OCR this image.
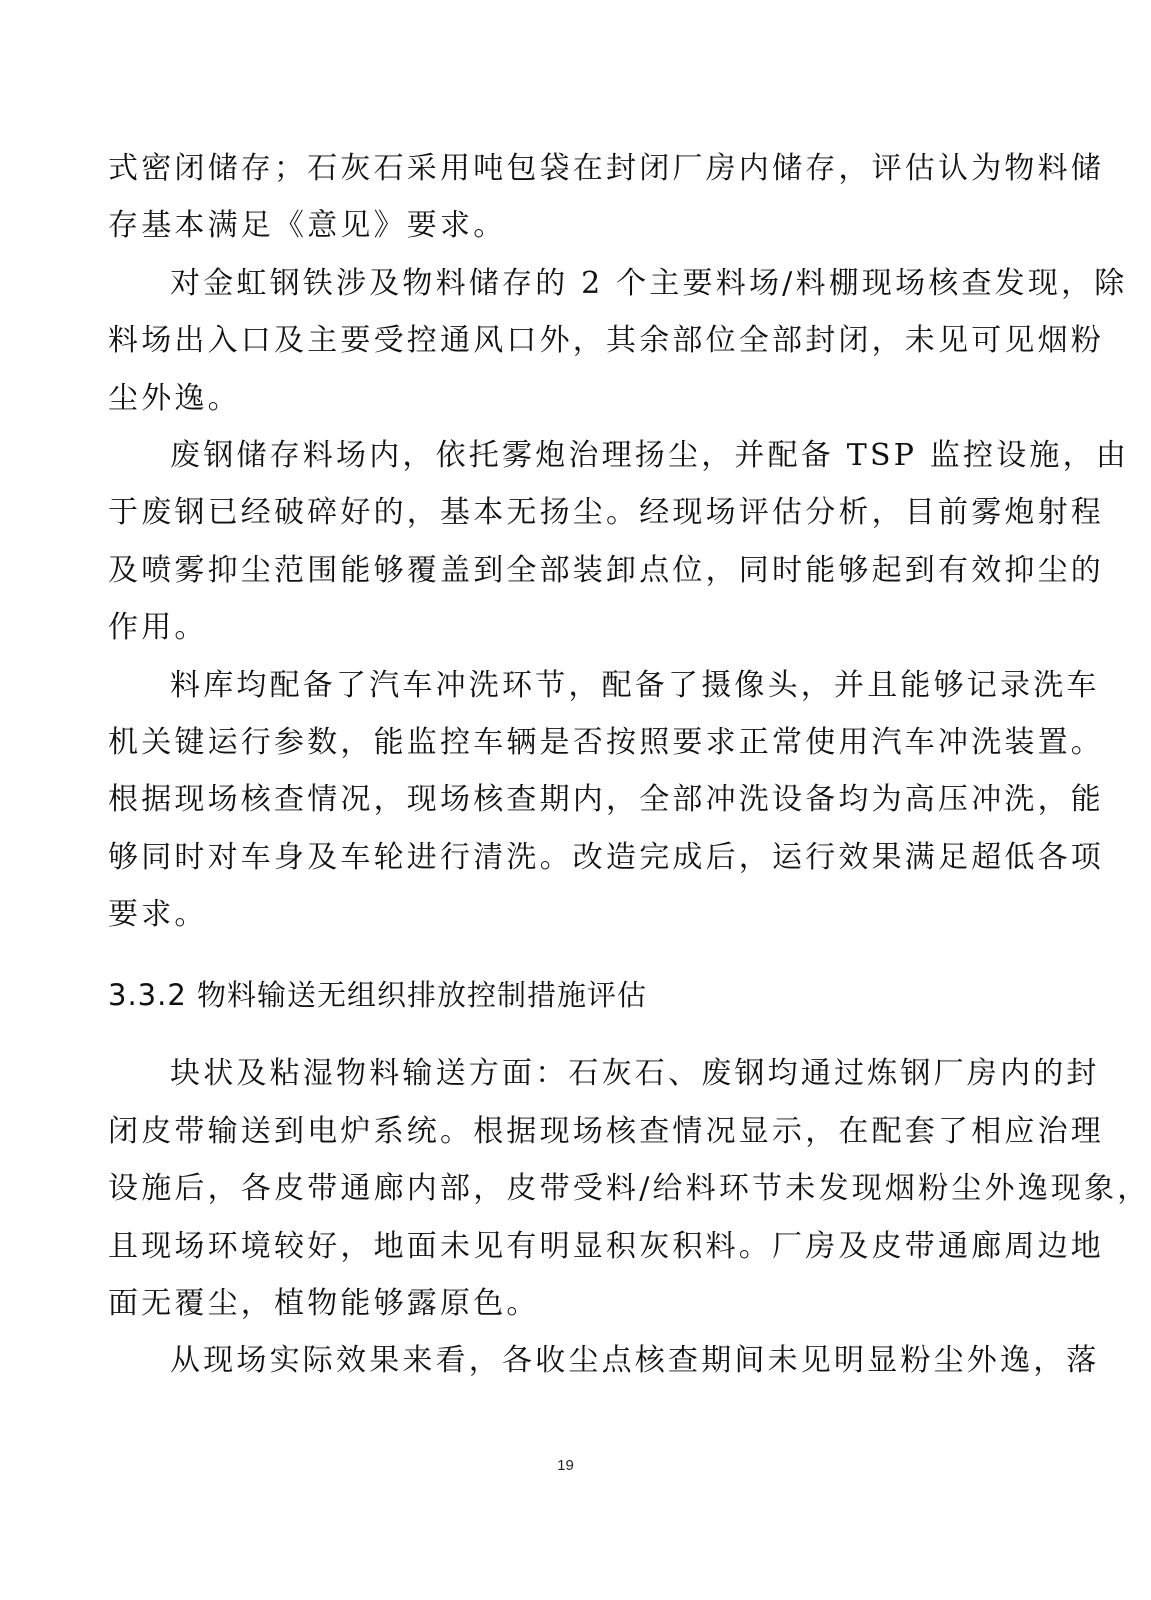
式密闭储存；石灰石采用吨包袋在封闭厂房内储存，评估认为物料储
存基本满足《意见》要求。
对金虹钢铁涉及物料储存的 2 个主要料场/料棚现场核查发现，除
料场出入口及主要受控通风口外，其余部位全部封闭，未见可见烟粉
尘外逸。
废钢储存料场内，依托雾炮治理扬尘，并配备 TSP 监控设施，由
于废钢已经破碎好的，基本无扬尘。经现场评估分析，目前雾炮射程
及喷雾抑尘范围能够覆盖到全部装卸点位，同时能够起到有效抑尘的
作用。
料库均配备了汽车冲洗环节，配备了摄像头，并且能够记录洗车
机关键运行参数，能监控车辆是否按照要求正常使用汽车冲洗装置。
根据现场核查情况，现场核查期内，全部冲洗设备均为高压冲洗，能
够同时对车身及车轮进行清洗。改造完成后，运行效果满足超低各项
要求。
3.3.2 物料输送无组织排放控制措施评估
块状及粘湿物料输送方面：石灰石、废钢均通过炼钢厂房内的封
闭皮带输送到电炉系统。根据现场核查情况显示，在配套了相应治理
设施后，各皮带通廊内部，皮带受料/给料环节未发现烟粉尘外逸现象，
且现场环境较好，地面未见有明显积灰积料。厂房及皮带通廊周边地
面无覆尘，植物能够露原色。
从现场实际效果来看，各收尘点核查期间未见明显粉尘外逸，落
19
